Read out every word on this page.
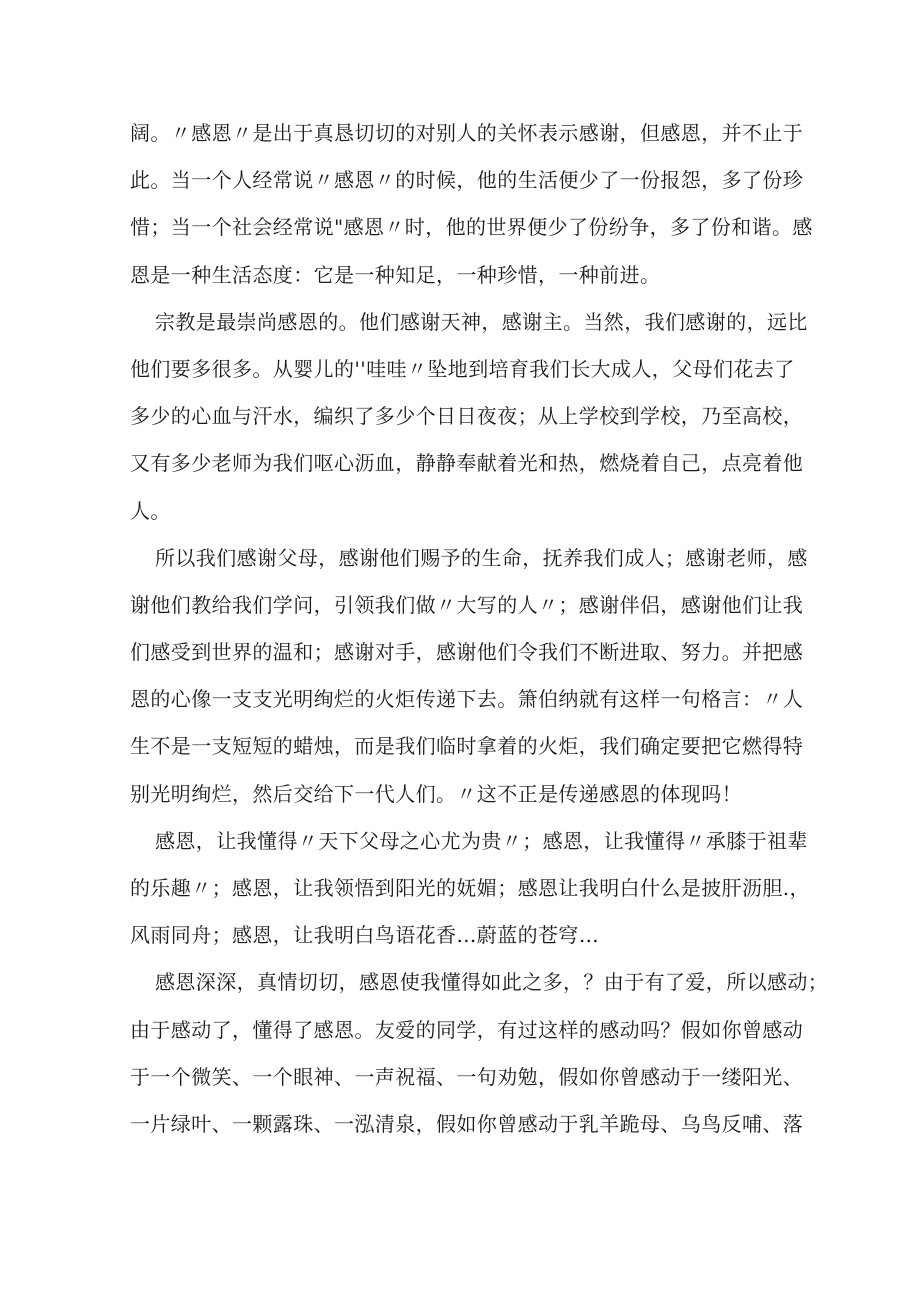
阔。〃感恩〃是出于真恳切切的对别人的关怀表示感谢，但感恩，并不止于
此。当一个人经常说〃感恩〃的时候，他的生活便少了一份报怨，多了份珍
惜；当一个社会经常说"感恩〃时，他的世界便少了份纷争，多了份和谐。感
恩是一种生活态度：它是一种知足，一种珍惜，一种前进。
宗教是最崇尚感恩的。他们感谢天神，感谢主。当然，我们感谢的，远比
他们要多很多。从婴儿的''哇哇〃坠地到培育我们长大成人，父母们花去了
多少的心血与汗水，编织了多少个日日夜夜；从上学校到学校，乃至高校，
又有多少老师为我们呕心沥血，静静奉献着光和热，燃烧着自己，点亮着他
人。
所以我们感谢父母，感谢他们赐予的生命，抚养我们成人；感谢老师，感
谢他们教给我们学问，引领我们做〃大写的人〃；感谢伴侣，感谢他们让我
们感受到世界的温和；感谢对手，感谢他们令我们不断进取、努力。并把感
恩的心像一支支光明绚烂的火炬传递下去。箫伯纳就有这样一句格言：〃人
生不是一支短短的蜡烛，而是我们临时拿着的火炬，我们确定要把它燃得特
别光明绚烂，然后交给下一代人们。〃这不正是传递感恩的体现吗！
感恩，让我懂得〃天下父母之心尤为贵〃；感恩，让我懂得〃承膝于祖辈
的乐趣〃；感恩，让我领悟到阳光的妩媚；感恩让我明白什么是披肝沥胆.，
风雨同舟；感恩，让我明白鸟语花香…蔚蓝的苍穹…
感恩深深，真情切切，感恩使我懂得如此之多，？由于有了爱，所以感动；
由于感动了，懂得了感恩。友爱的同学，有过这样的感动吗？假如你曾感动
于一个微笑、一个眼神、一声祝福、一句劝勉，假如你曾感动于一缕阳光、
一片绿叶、一颗露珠、一泓清泉，假如你曾感动于乳羊跪母、乌鸟反哺、落
